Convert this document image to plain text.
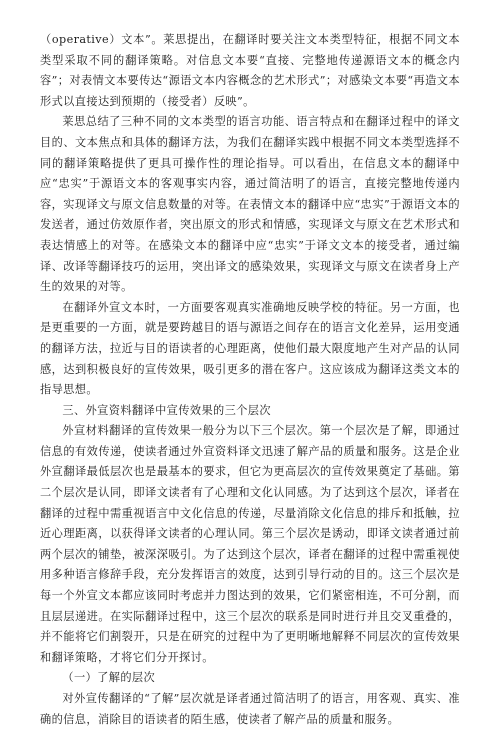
（operative）文本”。莱思提出，在翻译时要关注文本类型特征，根据不同文本类型采取不同的翻译策略。对信息文本要“直接、完整地传递源语文本的概念内容”；对表情文本要传达“源语文本内容概念的艺术形式”；对感染文本要“再造文本形式以直接达到预期的（接受者）反映”。

莱思总结了三种不同的文本类型的语言功能、语言特点和在翻译过程中的译文目的、文本焦点和具体的翻译方法，为我们在翻译实践中根据不同文本类型选择不同的翻译策略提供了更具可操作性的理论指导。可以看出，在信息文本的翻译中应“忠实”于源语文本的客观事实内容，通过简洁明了的语言，直接完整地传递内容，实现译文与原文信息数量的对等。在表情文本的翻译中应“忠实”于源语文本的发送者，通过仿效原作者，突出原文的形式和情感，实现译文与原文在艺术形式和表达情感上的对等。在感染文本的翻译中应“忠实”于译文文本的接受者，通过编译、改译等翻译技巧的运用，突出译文的感染效果，实现译文与原文在读者身上产生的效果的对等。

在翻译外宣文本时，一方面要客观真实准确地反映学校的特征。另一方面，也是更重要的一方面，就是要跨越目的语与源语之间存在的语言文化差异，运用变通的翻译方法，拉近与目的语读者的心理距离，使他们最大限度地产生对产品的认同感，达到积极良好的宣传效果，吸引更多的潜在客户。这应该成为翻译这类文本的指导思想。

三、外宣资料翻译中宣传效果的三个层次

外宣材料翻译的宣传效果一般分为以下三个层次。第一个层次是了解，即通过信息的有效传递，使读者通过外宣资料译文迅速了解产品的质量和服务。这是企业外宣翻译最低层次也是最基本的要求，但它为更高层次的宣传效果奠定了基础。第二个层次是认同，即译文读者有了心理和文化认同感。为了达到这个层次，译者在翻译的过程中需重视语言中文化信息的传递，尽量消除文化信息的排斥和抵触，拉近心理距离，以获得译文读者的心理认同。第三个层次是诱动，即译文读者通过前两个层次的铺垫，被深深吸引。为了达到这个层次，译者在翻译的过程中需重视使用多种语言修辞手段，充分发挥语言的效度，达到引导行动的目的。这三个层次是每一个外宣文本都应该同时考虑并力图达到的效果，它们紧密相连，不可分割，而且层层递进。在实际翻译过程中，这三个层次的联系是同时进行并且交叉重叠的，并不能将它们割裂开，只是在研究的过程中为了更明晰地解释不同层次的宣传效果和翻译策略，才将它们分开探讨。

（一）了解的层次

对外宣传翻译的“了解”层次就是译者通过简洁明了的语言，用客观、真实、准确的信息，消除目的语读者的陌生感，使读者了解产品的质量和服务。
